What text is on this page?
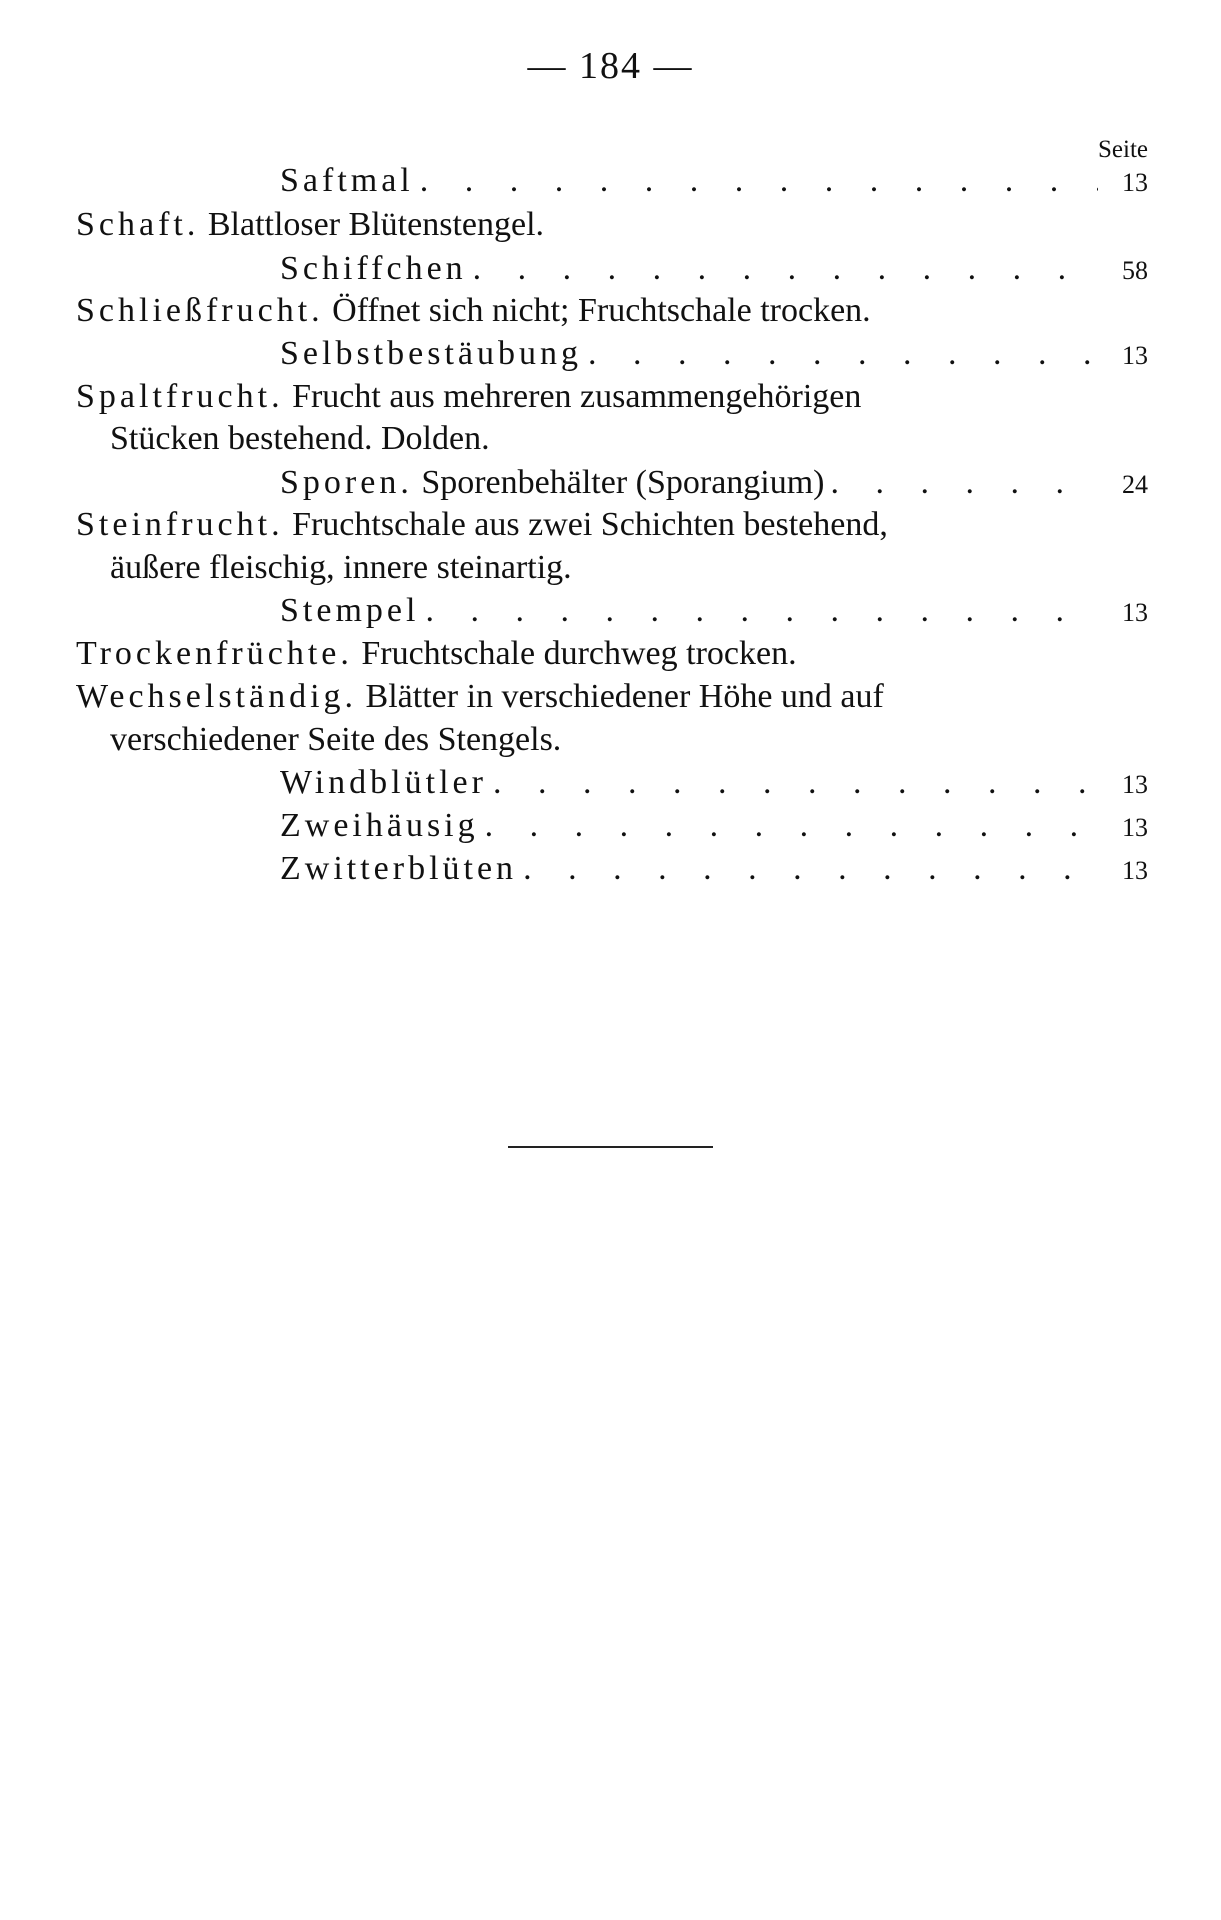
— 184 —
Seite
Saftmal . . .	13
Schaft. Blattloser Blütenstengel.
Schiffchen . . .	58
Schließfrucht. Öffnet sich nicht; Fruchtschale trocken.
Selbstbestäubung . . .	13
Spaltfrucht. Frucht aus mehreren zusammengehörigen
Stücken bestehend. Dolden.
Sporen. Sporenbehälter (Sporangium) . . .	24
Steinfrucht. Fruchtschale aus zwei Schichten bestehend,
äußere fleischig, innere steinartig.
Stempel . . .	13
Trockenfrüchte. Fruchtschale durchweg trocken.
Wechselständig. Blätter in verschiedener Höhe und auf
verschiedener Seite des Stengels.
Windblütler . . .	13
Zweihäusig . . .	13
Zwitterblüten . . .	13
